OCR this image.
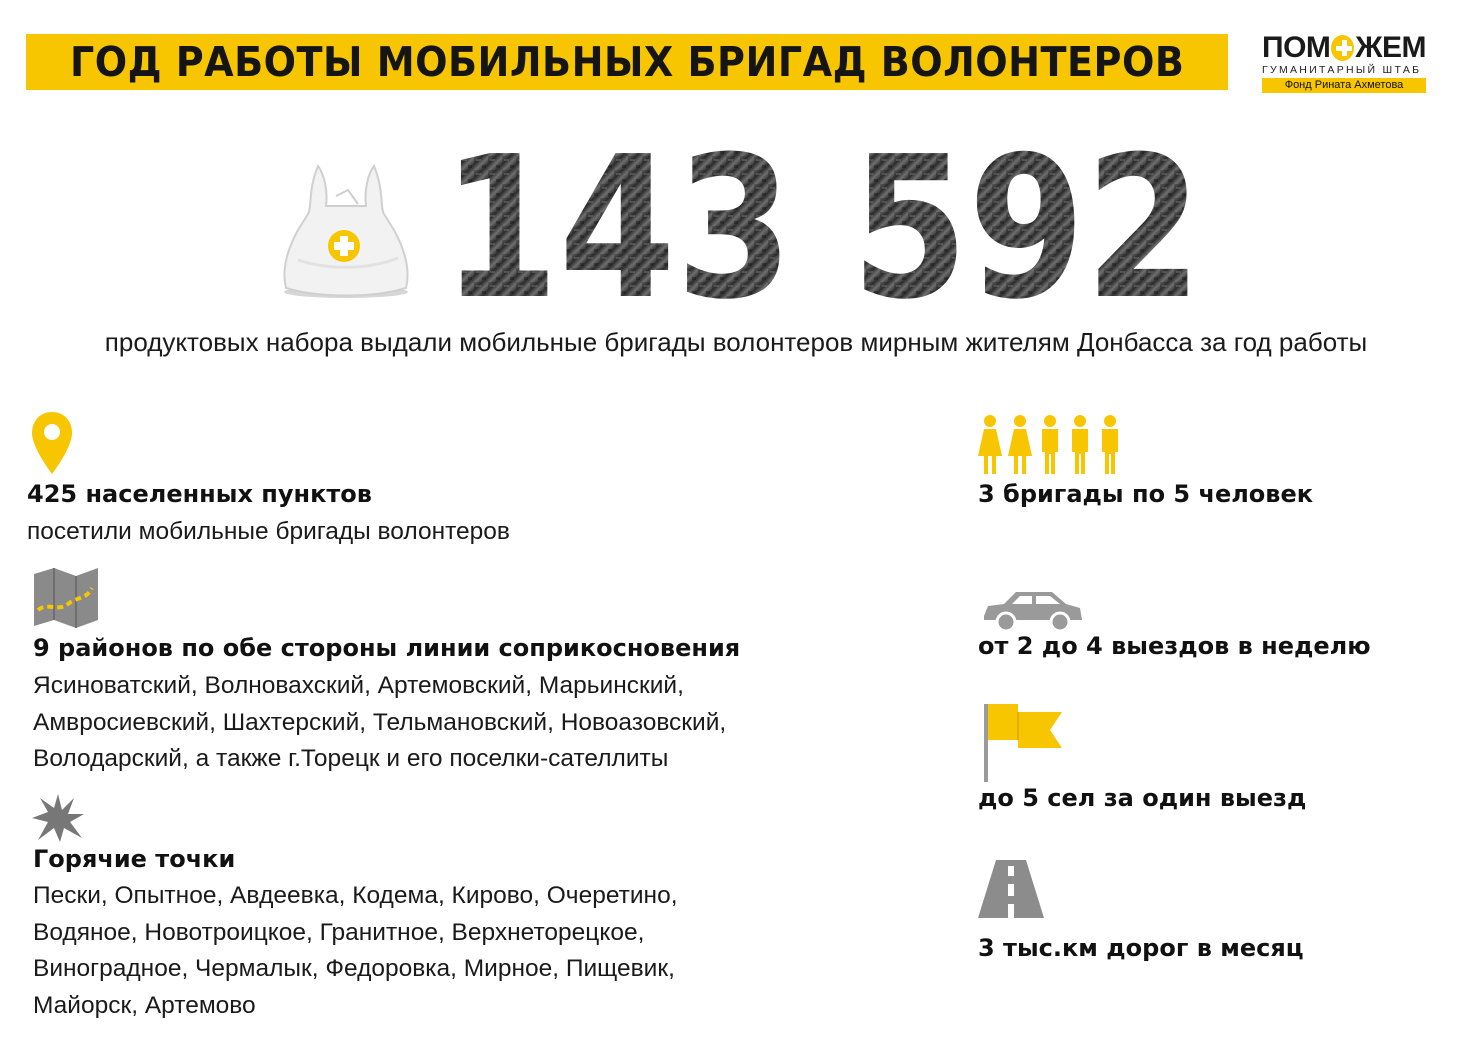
ГОД РАБОТЫ МОБИЛЬНЫХ БРИГАД ВОЛОНТЕРОВ	ПОМ ЖЕМ
ГУМАНИТАРНЫЙ ШТАБ
Фонд Рината Ахметова
143 592
продуктовых набора выдали мобильные бригады волонтеров мирным жителям Донбасса за год работы
425 населенных пунктов
посетили мобильные бригады волонтеров
9 районов по обе стороны линии соприкосновения
Ясиноватский, Волновахский, Артемовский, Марьинский,
Амвросиевский, Шахтерский, Тельмановский, Новоазовский,
Володарский, а также г.Торецк и его поселки-сателлиты
Горячие точки
Пески, Опытное, Авдеевка, Кодема, Кирово, Очеретино,
Водяное, Новотроицкое, Гранитное, Верхнеторецкое,
Виноградное, Чермалык, Федоровка, Мирное, Пищевик,
Майорск, Артемово
3 бригады по 5 человек
от 2 до 4 выездов в неделю
до 5 сел за один выезд
3 тыс.км дорог в месяц
